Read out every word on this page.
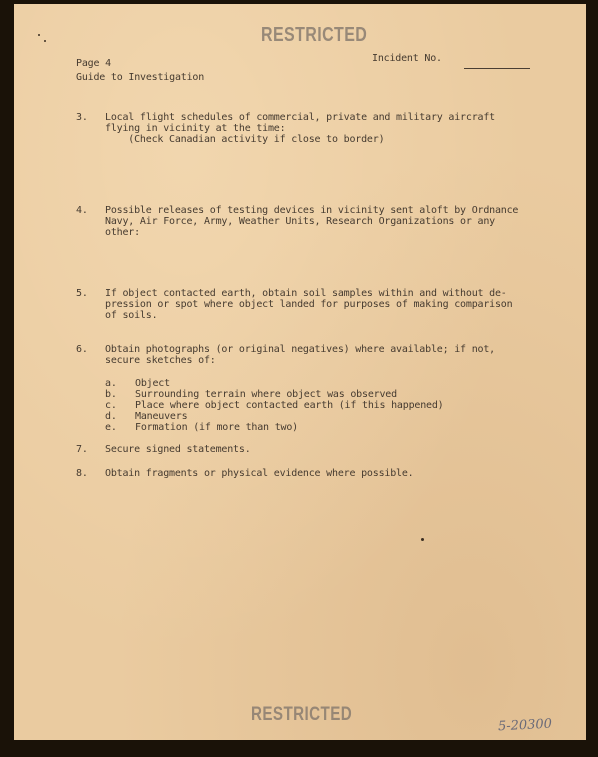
RESTRICTED
Page 4
Guide to Investigation
Incident No.
3. Local flight schedules of commercial, private and military aircraft
flying in vicinity at the time:
(Check Canadian activity if close to border)
4. Possible releases of testing devices in vicinity sent aloft by Ordnance
Navy, Air Force, Army, Weather Units, Research Organizations or any
other:
5. If object contacted earth, obtain soil samples within and without de-
pression or spot where object landed for purposes of making comparison
of soils.
6. Obtain photographs (or original negatives) where available; if not,
secure sketches of:
a. Object
b. Surrounding terrain where object was observed
c. Place where object contacted earth (if this happened)
d. Maneuvers
e. Formation (if more than two)
7. Secure signed statements.
8. Obtain fragments or physical evidence where possible.
RESTRICTED
5-20300
